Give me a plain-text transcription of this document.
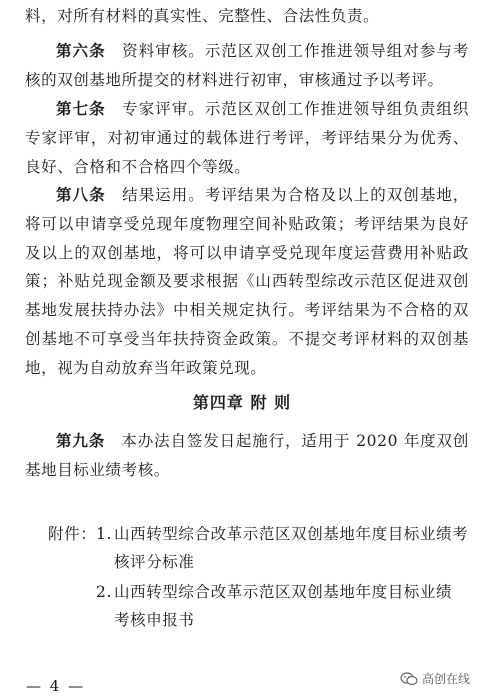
料，对所有材料的真实性、完整性、合法性负责。
第六条　资料审核。示范区双创工作推进领导组对参与考核的双创基地所提交的材料进行初审，审核通过予以考评。
第七条　专家评审。示范区双创工作推进领导组负责组织专家评审，对初审通过的载体进行考评，考评结果分为优秀、良好、合格和不合格四个等级。
第八条　结果运用。考评结果为合格及以上的双创基地，将可以申请享受兑现年度物理空间补贴政策；考评结果为良好及以上的双创基地，将可以申请享受兑现年度运营费用补贴政策；补贴兑现金额及要求根据《山西转型综改示范区促进双创基地发展扶持办法》中相关规定执行。考评结果为不合格的双创基地不可享受当年扶持资金政策。不提交考评材料的双创基地，视为自动放弃当年政策兑现。
第四章 附 则
第九条　本办法自签发日起施行，适用于 2020 年度双创基地目标业绩考核。
附件： 1. 山西转型综合改革示范区双创基地年度目标业绩考
核评分标准
2. 山西转型综合改革示范区双创基地年度目标业绩
考核申报书
— 4 —	高创在线
